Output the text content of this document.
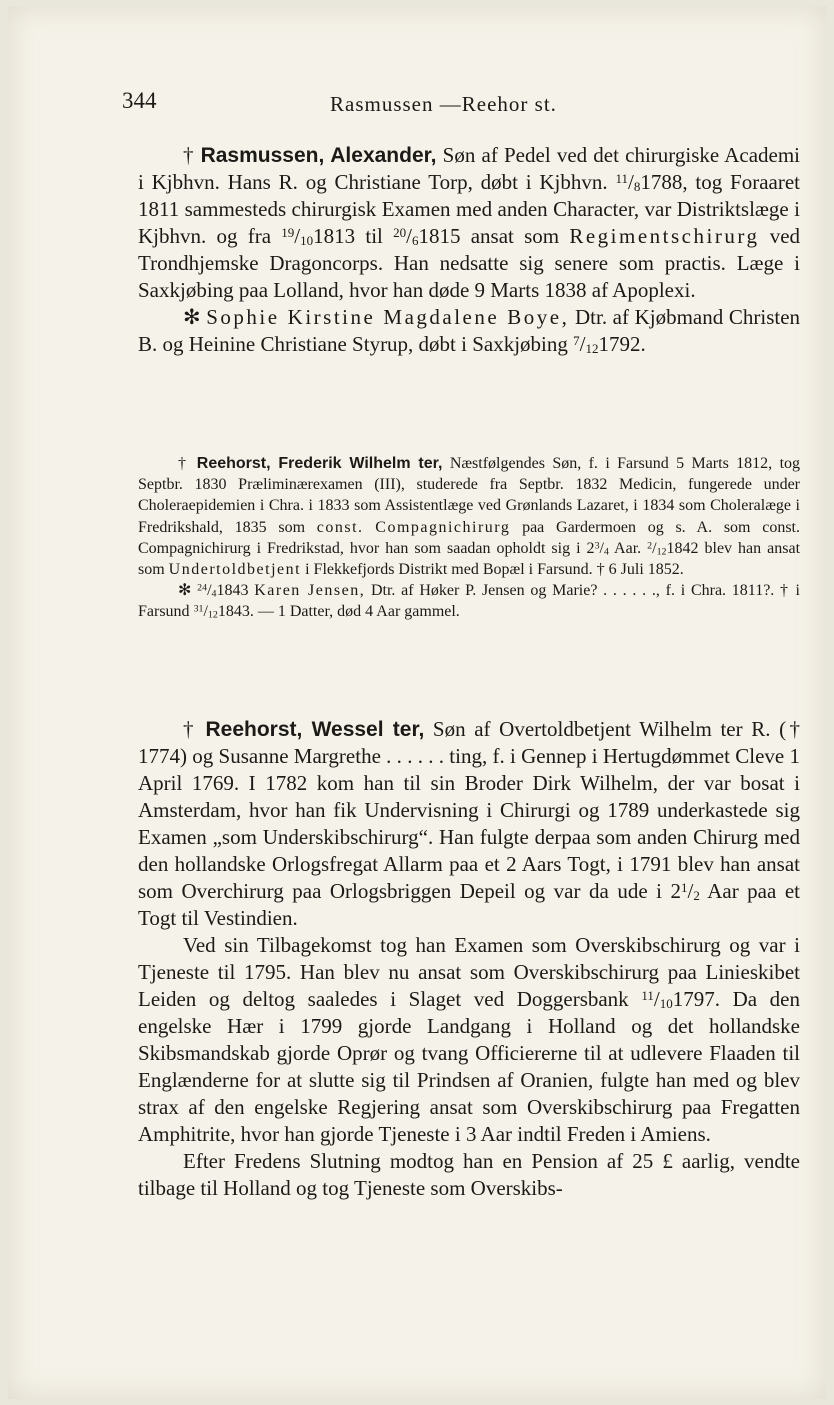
344	Rasmussen —Reehor st.

† Rasmussen, Alexander, Søn af Pedel ved det chirurgiske Academi i Kjbhvn. Hans R. og Christiane Torp, døbt i Kjbhvn. $^{11}/_81788$, tog Foraaret 1811 sammesteds chirurgisk Examen med anden Character, var Distriktslæge i Kjbhvn. og fra $^{19}/_{10}1813$ til $^{20}/_61815$ ansat som Regimentschirurg ved Trondhjemske Dragoncorps. Han nedsatte sig senere som practis. Læge i Saxkjøbing paa Lolland, hvor han døde 9 Marts 1838 af Apoplexi.

✻ Sophie Kirstine Magdalene Boye, Dtr. af Kjøbmand Christen B. og Heinine Christiane Styrup, døbt i Saxkjøbing $^7/_{12}1792$.

† Reehorst, Frederik Wilhelm ter, Næstfølgendes Søn, f. i Farsund 5 Marts 1812, tog Septbr. 1830 Præliminærexamen (III), studerede fra Septbr. 1832 Medicin, fungerede under Choleraepidemien i Chra. i 1833 som Assistentlæge ved Grønlands Lazaret, i 1834 som Choleralæge i Fredrikshald, 1835 som const. Compagnichirurg paa Gardermoen og s. A. som const. Compagnichirurg i Fredrikstad, hvor han som saadan opholdt sig i $2^3/_4$ Aar. $^2/_{12}1842$ blev han ansat som Undertoldbetjent i Flekkefjords Distrikt med Bopæl i Farsund. † 6 Juli 1852.

✻ $^{24}/_41843$ Karen Jensen, Dtr. af Høker P. Jensen og Marie? . . . . . ., f. i Chra. 1811?. † i Farsund $^{31}/_{12}1843$. — 1 Datter, død 4 Aar gammel.

† Reehorst, Wessel ter, Søn af Overtoldbetjent Wilhelm ter R. († 1774) og Susanne Margrethe . . . . . . ting, f. i Gennep i Hertugdømmet Cleve 1 April 1769. I 1782 kom han til sin Broder Dirk Wilhelm, der var bosat i Amsterdam, hvor han fik Undervisning i Chirurgi og 1789 underkastede sig Examen „som Underskibschirurg“. Han fulgte derpaa som anden Chirurg med den hollandske Orlogsfregat Allarm paa et 2 Aars Togt, i 1791 blev han ansat som Overchirurg paa Orlogsbriggen Depeil og var da ude i $2^1/_2$ Aar paa et Togt til Vestindien.

Ved sin Tilbagekomst tog han Examen som Overskibschirurg og var i Tjeneste til 1795. Han blev nu ansat som Overskibschirurg paa Linieskibet Leiden og deltog saaledes i Slaget ved Doggersbank $^{11}/_{10}1797$. Da den engelske Hær i 1799 gjorde Landgang i Holland og det hollandske Skibsmandskab gjorde Oprør og tvang Officiererne til at udlevere Flaaden til Englænderne for at slutte sig til Prindsen af Oranien, fulgte han med og blev strax af den engelske Regjering ansat som Overskibschirurg paa Fregatten Amphitrite, hvor han gjorde Tjeneste i 3 Aar indtil Freden i Amiens.

Efter Fredens Slutning modtog han en Pension af 25 £ aarlig, vendte tilbage til Holland og tog Tjeneste som Overskibs-
